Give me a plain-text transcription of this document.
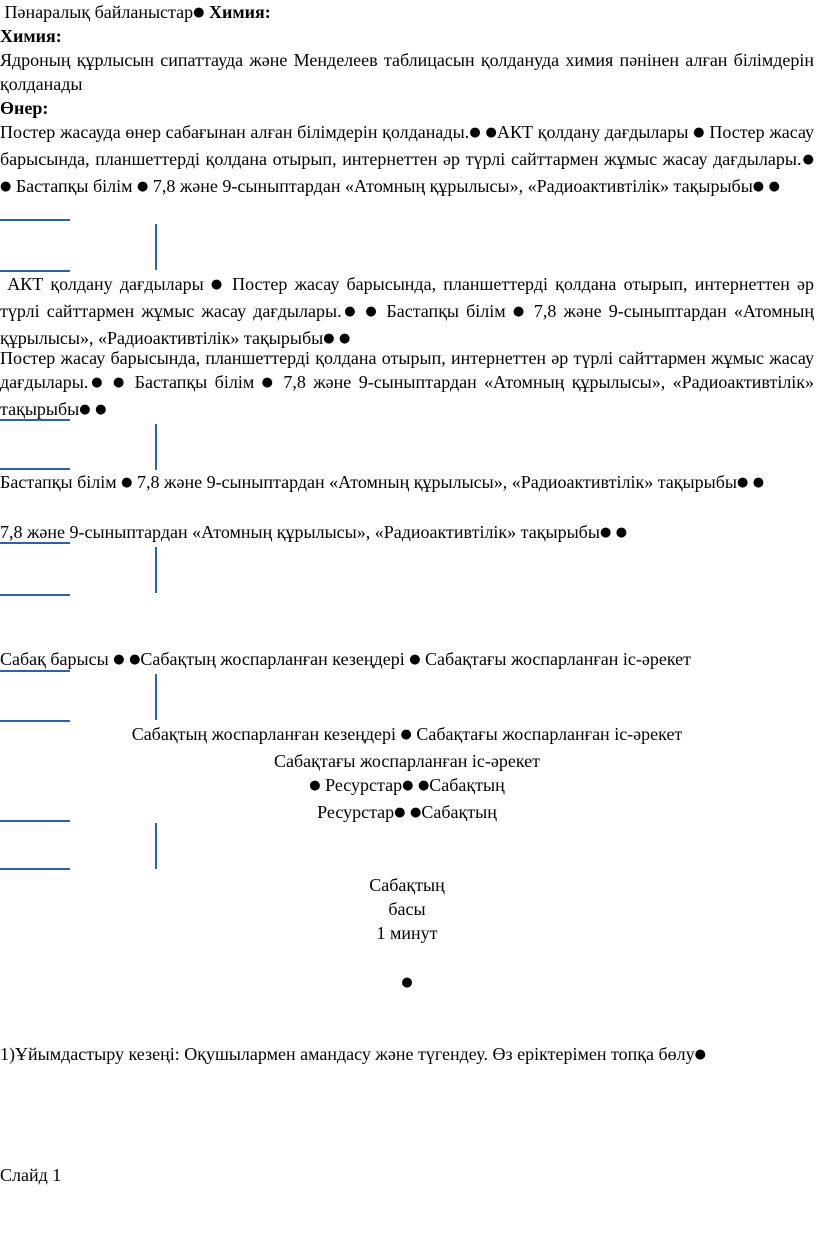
Пәнаралық байланыстар● Химия:

Химия:

Ядроның құрлысын сипаттауда және Менделеев таблицасын қолдануда химия пәнінен алған білімдерін қолданады

Өнер:

Постер жасауда өнер сабағынан алған білімдерін қолданады.● ●АКТ қолдану дағдылары ● Постер жасау барысында, планшеттерді қолдана отырып, интернеттен әр түрлі сайттармен жұмыс жасау дағдылары.● ● Бастапқы білім ● 7,8 және 9-сыныптардан «Атомның құрылысы», «Радиоактивтілік» тақырыбы● ●

АКТ қолдану дағдылары ● Постер жасау барысында, планшеттерді қолдана отырып, интернеттен әр түрлі сайттармен жұмыс жасау дағдылары.● ● Бастапқы білім ● 7,8 және 9-сыныптардан «Атомның құрылысы», «Радиоактивтілік» тақырыбы● ●

Постер жасау барысында, планшеттерді қолдана отырып, интернеттен әр түрлі сайттармен жұмыс жасау дағдылары.● ● Бастапқы білім ● 7,8 және 9-сыныптардан «Атомның құрылысы», «Радиоактивтілік» тақырыбы● ●

Бастапқы білім ● 7,8 және 9-сыныптардан «Атомның құрылысы», «Радиоактивтілік» тақырыбы● ●

7,8 және 9-сыныптардан «Атомның құрылысы», «Радиоактивтілік» тақырыбы● ●

Сабақ барысы ● ●Сабақтың жоспарланған кезеңдері ● Сабақтағы жоспарланған іс-әрекет

Сабақтың жоспарланған кезеңдері ● Сабақтағы жоспарланған іс-әрекет

Сабақтағы жоспарланған іс-әрекет

● Ресурстар● ●Сабақтың

Ресурстар● ●Сабақтың

Сабақтың

басы

1 минут

●

1)Ұйымдастыру кезеңі: Оқушылармен амандасу және түгендеу. Өз еріктерімен топқа бөлу●

Слайд 1
